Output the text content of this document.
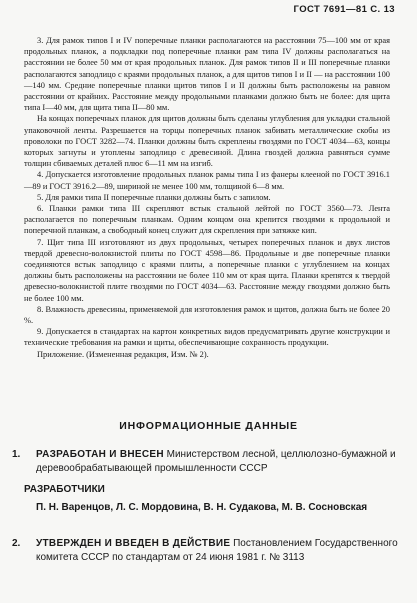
ГОСТ 7691—81 С. 13

3. Для рамок типов I и IV поперечные планки располагаются на расстоянии 75—100 мм от края продольных планок, а подкладки под поперечные планки рам типа IV должны располагаться на расстоянии не более 50 мм от края продольных планок. Для рамок типов II и III поперечные планки располагаются заподлицо с краями продольных планок, а для щитов типов I и II — на расстоянии 100—140 мм. Средние поперечные планки щитов типов I и II должны быть расположены на равном расстоянии от крайних. Расстояние между продольными планками должно быть не более: для щита типа I—40 мм, для щита типа II—80 мм.

На концах поперечных планок для щитов должны быть сделаны углубления для укладки стальной упаковочной ленты. Разрешается на торцы поперечных планок забивать металлические скобы из проволоки по ГОСТ 3282—74. Планки должны быть скреплены гвоздями по ГОСТ 4034—63, концы которых загнуты и утоплены заподлицо с древесиной. Длина гвоздей должна равняться сумме толщин сбиваемых деталей плюс 6—11 мм на изгиб.

4. Допускается изготовление продольных планок рамы типа I из фанеры клееной по ГОСТ 3916.1—89 и ГОСТ 3916.2—89, шириной не менее 100 мм, толщиной 6—8 мм.

5. Для рамки типа II поперечные планки должны быть с запилом.

6. Планки рамки типа III скрепляют встык стальной лейтой по ГОСТ 3560—73. Лента располагается по поперечным планкам. Одним концом она крепится гвоздями к продольной и поперечной планкам, а свободный конец служит для скрепления при затяжке кип.

7. Щит типа III изготовляют из двух продольных, четырех поперечных планок и двух листов твердой древесно-волокнистой плиты по ГОСТ 4598—86. Продольные и две поперечные планки соединяются встык заподлицо с краями плиты, а поперечные планки с углублением на концах должны быть расположены на расстоянии не более 110 мм от края щита. Планки крепятся к твердой древесно-волокнистой плите гвоздями по ГОСТ 4034—63. Расстояние между гвоздями должно быть не более 100 мм.

8. Влажность древесины, применяемой для изготовления рамок и щитов, должна быть не более 20 %.

9. Допускается в стандартах на картон конкретных видов предусматривать другие конструкции и технические требования на рамки и щиты, обеспечивающие сохранность продукции.

Приложение. (Измененная редакция, Изм. № 2).

ИНФОРМАЦИОННЫЕ ДАННЫЕ
1. РАЗРАБОТАН И ВНЕСЕН Министерством лесной, целлюлозно-бумажной и деревообрабатывающей промышленности СССР
РАЗРАБОТЧИКИ
П. Н. Варенцов, Л. С. Мордовина, В. Н. Судакова, М. В. Сосновская
2. УТВЕРЖДЕН И ВВЕДЕН В ДЕЙСТВИЕ Постановлением Государственного комитета СССР по стандартам от 24 июня 1981 г. № 3113
